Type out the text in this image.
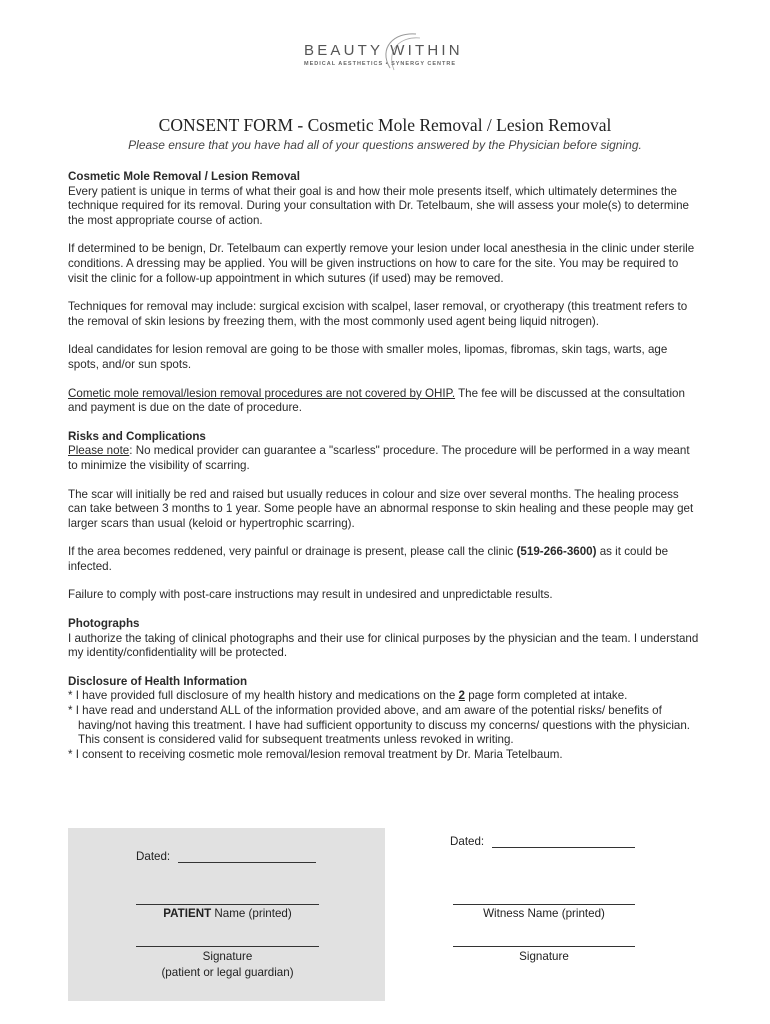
BEAUTY WITHIN
MEDICAL AESTHETICS • SYNERGY CENTRE
CONSENT FORM - Cosmetic Mole Removal / Lesion Removal
Please ensure that you have had all of your questions answered by the Physician before signing.
Cosmetic Mole Removal / Lesion Removal

Every patient is unique in terms of what their goal is and how their mole presents itself, which ultimately determines the technique required for its removal. During your consultation with Dr. Tetelbaum, she will assess your mole(s) to determine the most appropriate course of action.

If determined to be benign, Dr. Tetelbaum can expertly remove your lesion under local anesthesia in the clinic under sterile conditions. A dressing may be applied. You will be given instructions on how to care for the site. You may be required to visit the clinic for a follow-up appointment in which sutures (if used) may be removed.

Techniques for removal may include: surgical excision with scalpel, laser removal, or cryotherapy (this treatment refers to the removal of skin lesions by freezing them, with the most commonly used agent being liquid nitrogen).

Ideal candidates for lesion removal are going to be those with smaller moles, lipomas, fibromas, skin tags, warts, age spots, and/or sun spots.

Cometic mole removal/lesion removal procedures are not covered by OHIP. The fee will be discussed at the consultation and payment is due on the date of procedure.

Risks and Complications

Please note: No medical provider can guarantee a "scarless" procedure. The procedure will be performed in a way meant to minimize the visibility of scarring.

The scar will initially be red and raised but usually reduces in colour and size over several months. The healing process can take between 3 months to 1 year. Some people have an abnormal response to skin healing and these people may get larger scars than usual (keloid or hypertrophic scarring).

If the area becomes reddened, very painful or drainage is present, please call the clinic (519-266-3600) as it could be infected.

Failure to comply with post-care instructions may result in undesired and unpredictable results.

Photographs

I authorize the taking of clinical photographs and their use for clinical purposes by the physician and the team. I understand my identity/confidentiality will be protected.

Disclosure of Health Information
* I have provided full disclosure of my health history and medications on the 2 page form completed at intake.
* I have read and understand ALL of the information provided above, and am aware of the potential risks/ benefits of having/not having this treatment. I have had sufficient opportunity to discuss my concerns/ questions with the physician. This consent is considered valid for subsequent treatments unless revoked in writing.
* I consent to receiving cosmetic mole removal/lesion removal treatment by Dr. Maria Tetelbaum.
Dated:
PATIENT Name (printed)
Signature
(patient or legal guardian)
Dated:
Witness Name (printed)
Signature
